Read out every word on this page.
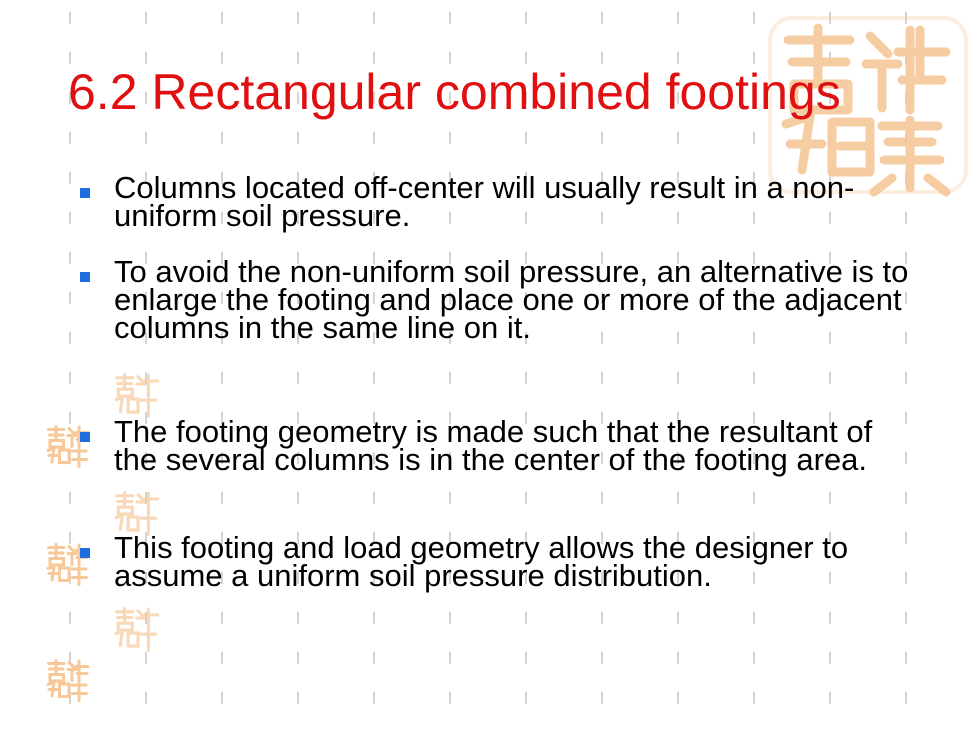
6.2 Rectangular combined footings
Columns located off-center will usually result in a non-uniform soil pressure.
To avoid the non-uniform soil pressure, an alternative is to enlarge the footing and place one or more of the adjacent columns in the same line on it.
The footing geometry is made such that the resultant of the several columns is in the center of the footing area.
This footing and load geometry allows the designer to assume a uniform soil pressure distribution.
